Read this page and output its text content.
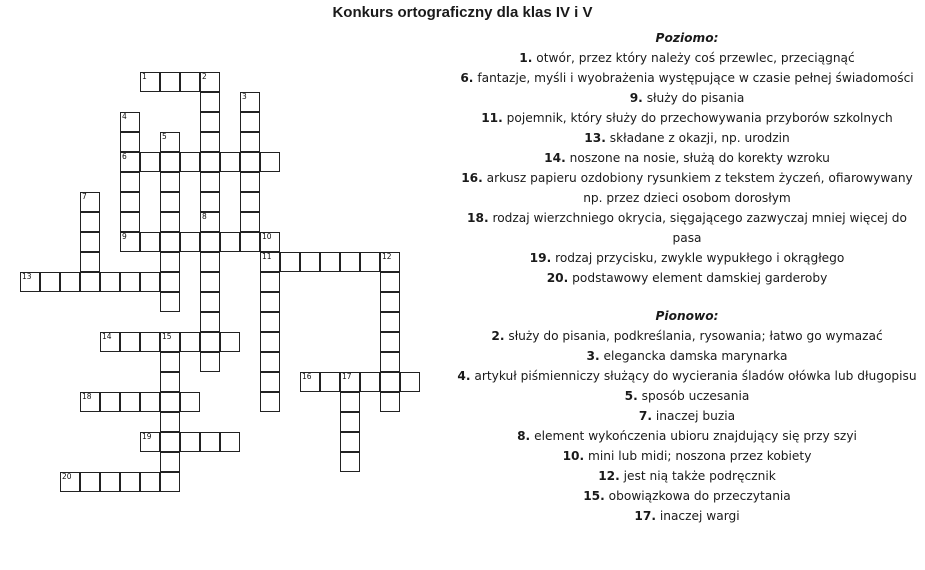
Konkurs ortograficzny dla klas IV i V
1	2
3
4
6
5
7
8
9	10
11	12
13
14	15
16	17
18
19
20
Poziomo:
1. otwór, przez który należy coś przewlec, przeciągnąć
6. fantazje, myśli i wyobrażenia występujące w czasie pełnej świadomości
9. służy do pisania
11. pojemnik, który służy do przechowywania przyborów szkolnych
13. składane z okazji, np. urodzin
14. noszone na nosie, służą do korekty wzroku
16. arkusz papieru ozdobiony rysunkiem z tekstem życzeń, ofiarowywany
np. przez dzieci osobom dorosłym
18. rodzaj wierzchniego okrycia, sięgającego zazwyczaj mniej więcej do
pasa
19. rodzaj przycisku, zwykle wypukłego i okrągłego
20. podstawowy element damskiej garderoby
Pionowo:
2. służy do pisania, podkreślania, rysowania; łatwo go wymazać
3. elegancka damska marynarka
4. artykuł piśmienniczy służący do wycierania śladów ołówka lub długopisu
5. sposób uczesania
7. inaczej buzia
8. element wykończenia ubioru znajdujący się przy szyi
10. mini lub midi; noszona przez kobiety
12. jest nią także podręcznik
15. obowiązkowa do przeczytania
17. inaczej wargi
